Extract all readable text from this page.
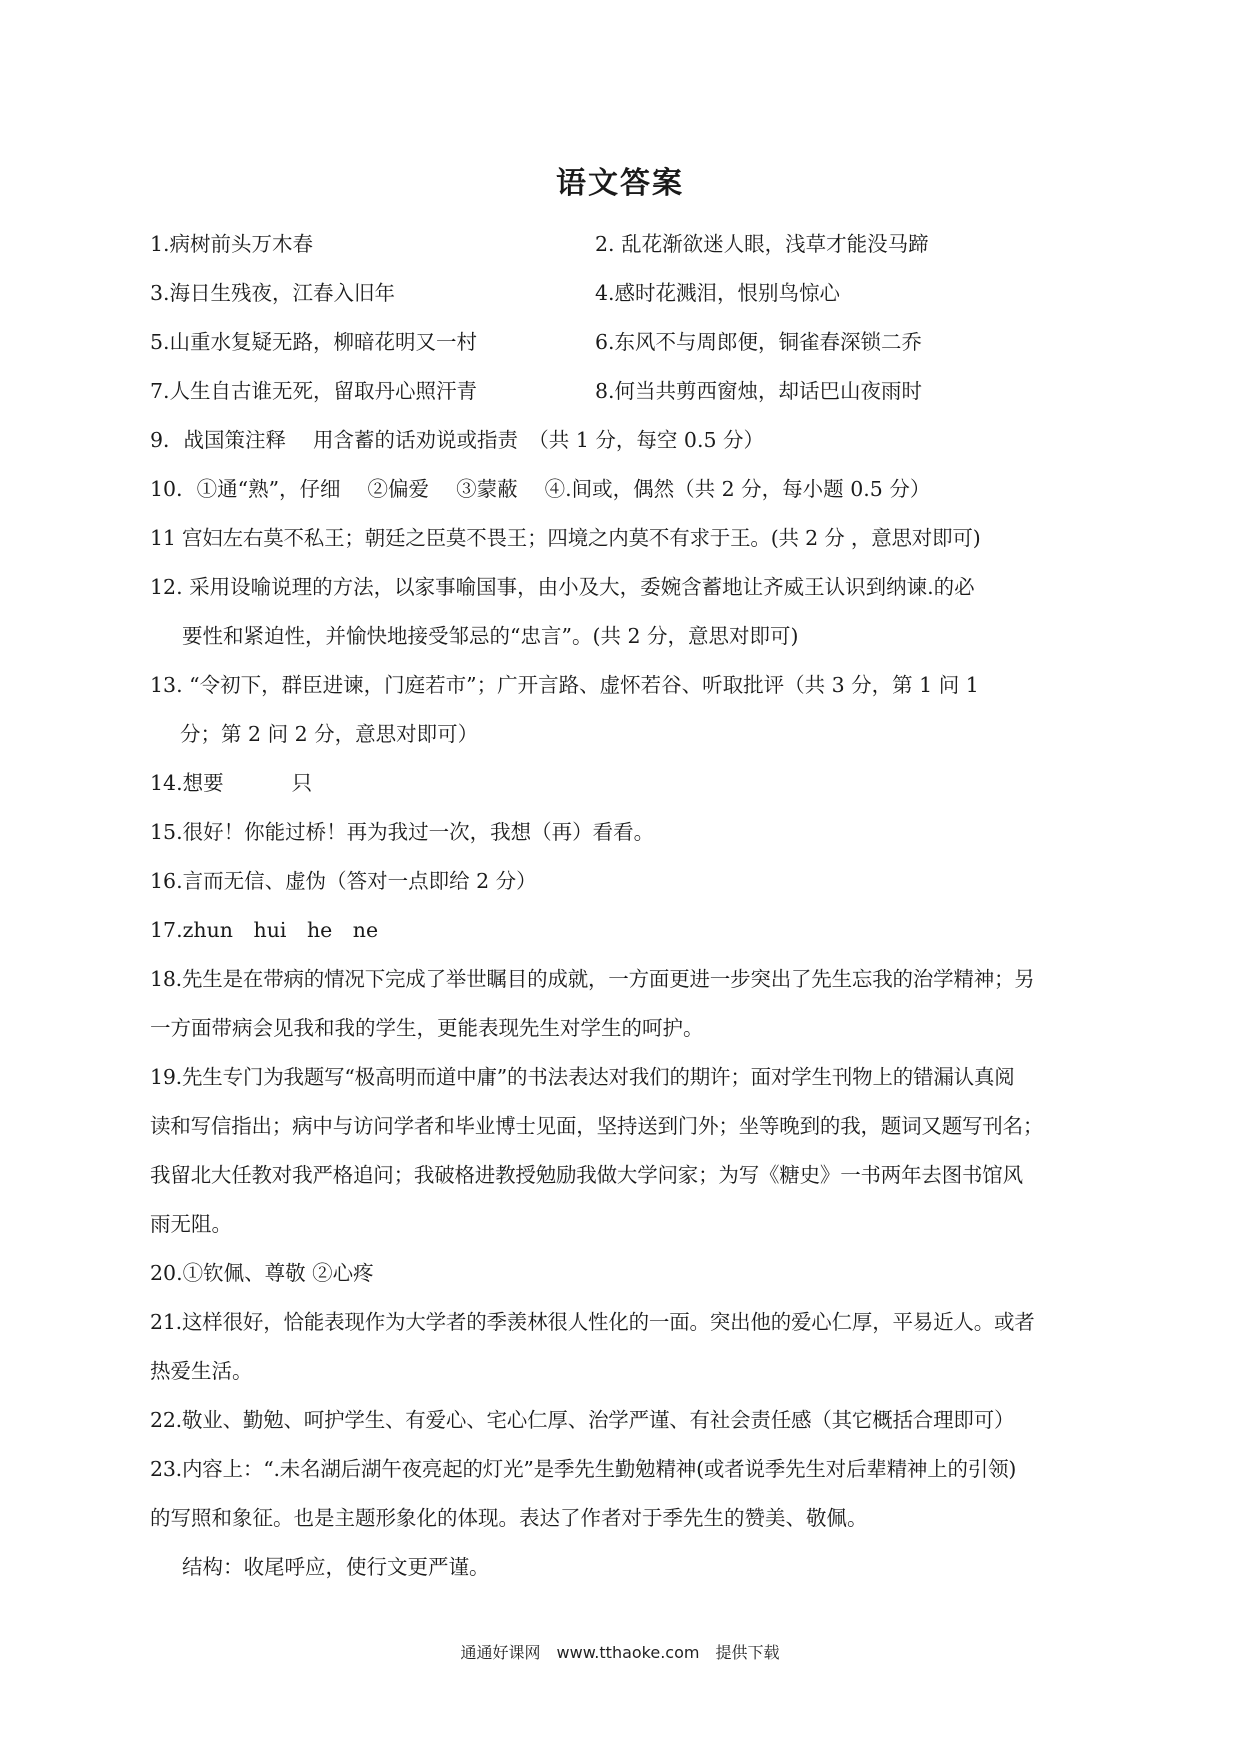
语文答案
1.病树前头万木春	2. 乱花渐欲迷人眼，浅草才能没马蹄
3.海日生残夜，江春入旧年	4.感时花溅泪，恨别鸟惊心
5.山重水复疑无路，柳暗花明又一村	6.东风不与周郎便，铜雀春深锁二乔
7.人生自古谁无死，留取丹心照汗青	8.何当共剪西窗烛，却话巴山夜雨时
9．战国策注释　 用含蓄的话劝说或指责　（共 1 分，每空 0.5 分）
10．①通“熟”，仔细　 ②偏爱　 ③蒙蔽　 ④.间或，偶然（共 2 分，每小题 0.5 分）
11 宫妇左右莫不私王；朝廷之臣莫不畏王；四境之内莫不有求于王。(共 2 分 ，意思对即可)
12. 采用设喻说理的方法，以家事喻国事，由小及大，委婉含蓄地让齐威王认识到纳谏.的必
要性和紧迫性，并愉快地接受邹忌的“忠言”。(共 2 分，意思对即可)
13. “令初下，群臣进谏，门庭若市”；广开言路、虚怀若谷、听取批评（共 3 分，第 1 问 1
分；第 2 问 2 分，意思对即可）
14.想要　　　 只
15.很好！你能过桥！再为我过一次，我想（再）看看。
16.言而无信、虚伪（答对一点即给 2 分）
17.zhun　hui　he　ne
18.先生是在带病的情况下完成了举世瞩目的成就，一方面更进一步突出了先生忘我的治学精神；另
一方面带病会见我和我的学生，更能表现先生对学生的呵护。
19.先生专门为我题写“极高明而道中庸”的书法表达对我们的期许；面对学生刊物上的错漏认真阅
读和写信指出；病中与访问学者和毕业博士见面，坚持送到门外；坐等晚到的我，题词又题写刊名；
我留北大任教对我严格追问；我破格进教授勉励我做大学问家；为写《糖史》一书两年去图书馆风
雨无阻。
20.①钦佩、尊敬 ②心疼
21.这样很好，恰能表现作为大学者的季羡林很人性化的一面。突出他的爱心仁厚，平易近人。或者
热爱生活。
22.敬业、勤勉、呵护学生、有爱心、宅心仁厚、治学严谨、有社会责任感（其它概括合理即可）
23.内容上：“.未名湖后湖午夜亮起的灯光”是季先生勤勉精神(或者说季先生对后辈精神上的引领)
的写照和象征。也是主题形象化的体现。表达了作者对于季先生的赞美、敬佩。
结构：收尾呼应，使行文更严谨。
通通好课网　www.tthaoke.com　提供下载
